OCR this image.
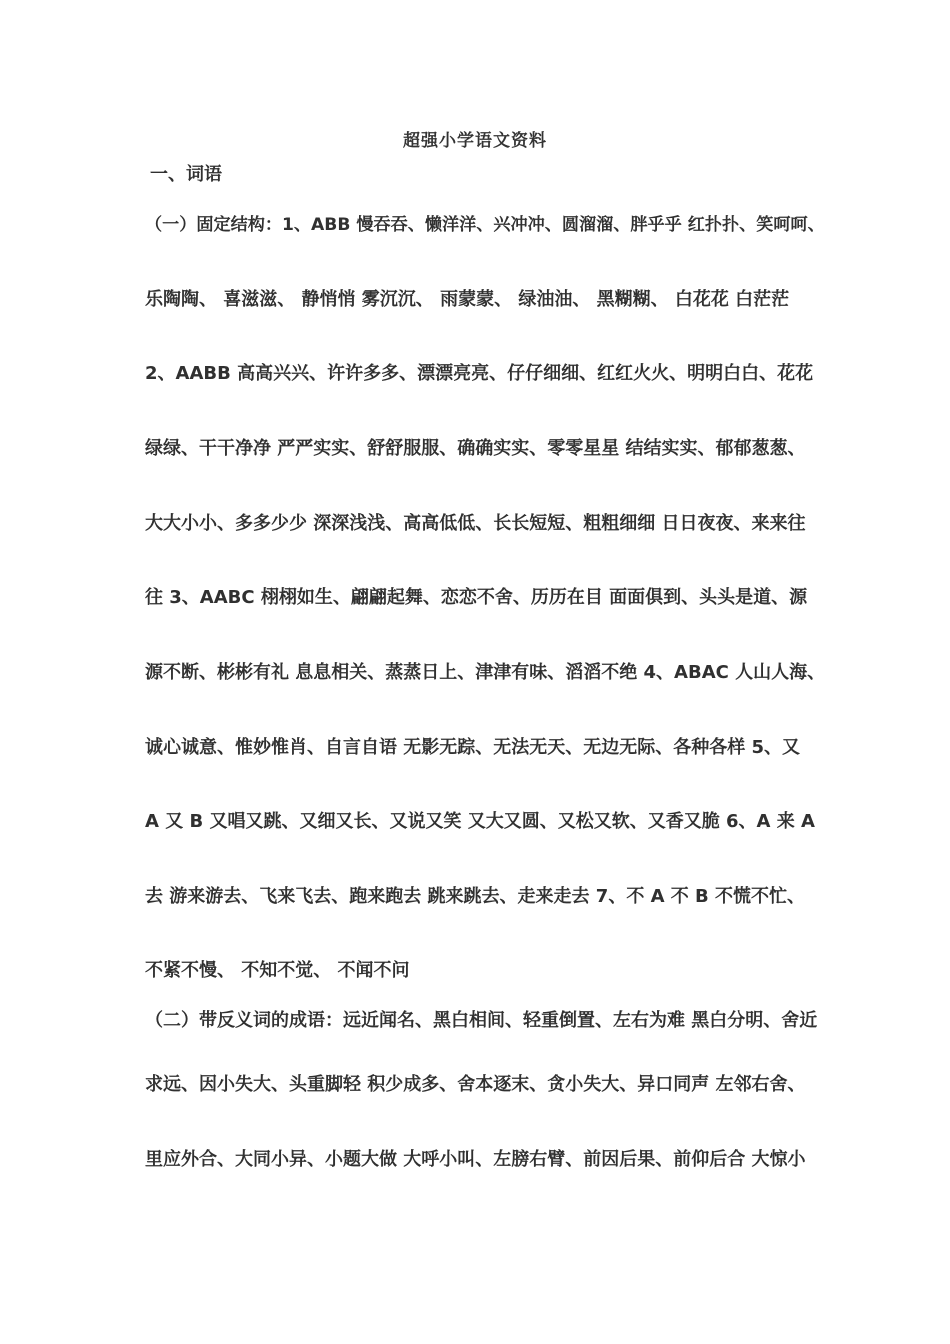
超强小学语文资料
一、词语
（一）固定结构：1、ABB 慢吞吞、懒洋洋、兴冲冲、圆溜溜、胖乎乎 红扑扑、笑呵呵、
乐陶陶、 喜滋滋、 静悄悄 雾沉沉、 雨蒙蒙、 绿油油、 黑糊糊、 白花花 白茫茫
2、AABB 高高兴兴、许许多多、漂漂亮亮、仔仔细细、红红火火、明明白白、花花
绿绿、干干净净 严严实实、舒舒服服、确确实实、零零星星 结结实实、郁郁葱葱、
大大小小、多多少少 深深浅浅、高高低低、长长短短、粗粗细细 日日夜夜、来来往
往 3、AABC 栩栩如生、翩翩起舞、恋恋不舍、历历在目 面面俱到、头头是道、源
源不断、彬彬有礼 息息相关、蒸蒸日上、津津有味、滔滔不绝 4、ABAC 人山人海、
诚心诚意、惟妙惟肖、自言自语 无影无踪、无法无天、无边无际、各种各样 5、又
A 又 B 又唱又跳、又细又长、又说又笑 又大又圆、又松又软、又香又脆 6、A 来 A
去 游来游去、飞来飞去、跑来跑去 跳来跳去、走来走去 7、不 A 不 B 不慌不忙、
不紧不慢、 不知不觉、 不闻不问
（二）带反义词的成语：远近闻名、黑白相间、轻重倒置、左右为难 黑白分明、舍近
求远、因小失大、头重脚轻 积少成多、舍本逐末、贪小失大、异口同声 左邻右舍、
里应外合、大同小异、小题大做 大呼小叫、左膀右臂、前因后果、前仰后合 大惊小
